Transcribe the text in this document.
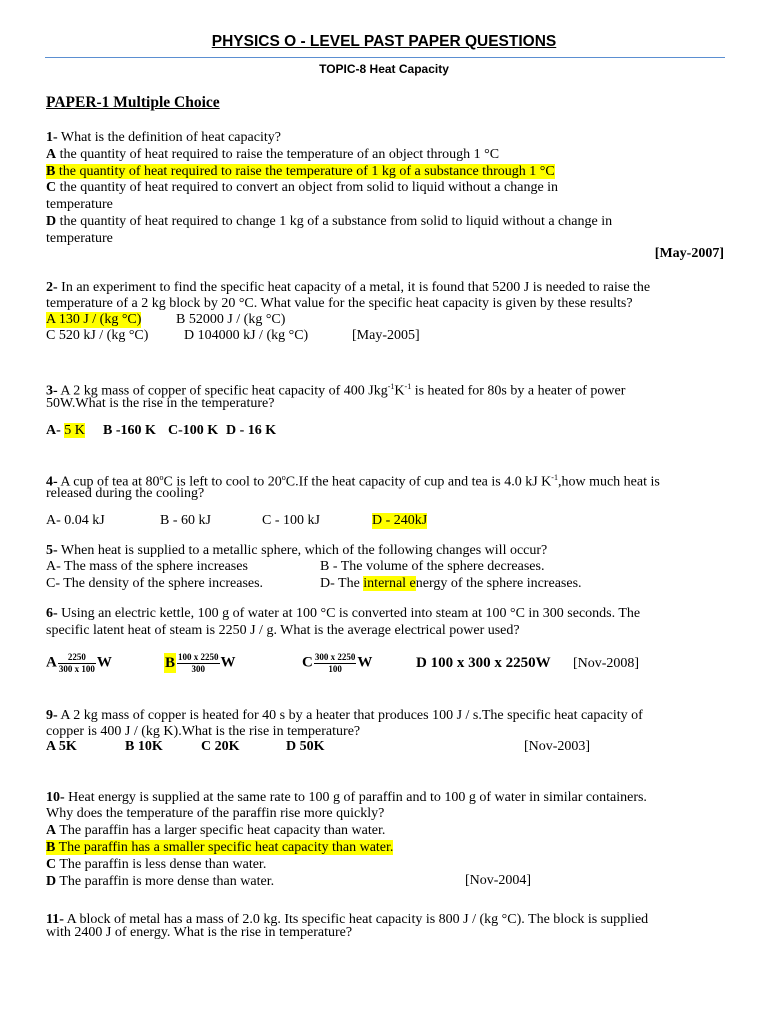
PHYSICS O - LEVEL PAST PAPER QUESTIONS
TOPIC-8 Heat Capacity
PAPER-1 Multiple Choice
1- What is the definition of heat capacity?
A the quantity of heat required to raise the temperature of an object through 1 °C
B the quantity of heat required to raise the temperature of 1 kg of a substance through 1 °C
C the quantity of heat required to convert an object from solid to liquid without a change in
temperature
D the quantity of heat required to change 1 kg of a substance from solid to liquid without a change in
temperature
[May-2007]
2- In an experiment to find the specific heat capacity of a metal, it is found that 5200 J is needed to raise the
temperature of a 2 kg block by 20 °C. What value for the specific heat capacity is given by these results?
A 130 J / (kg °C) B 52000 J / (kg °C)
C 520 kJ / (kg °C)	D 104000 kJ / (kg °C)	[May-2005]
3- A 2 kg mass of copper of specific heat capacity of 400 $Jkg^{-1}K^{-1}$ is heated for 80s by a heater of power
50W.What is the rise in the temperature?
A- 5 K B -160 K C-100 K D - 16 K
4- A cup of tea at 80$^o$C is left to cool to 20$^o$C.If the heat capacity of cup and tea is 4.0 kJ $K^{-1},how$ much heat is
released during the cooling?
A- 0.04 kJ	B - 60 kJ	C - 100 kJ	D - 240kJ
5- When heat is supplied to a metallic sphere, which of the following changes will occur?
A- The mass of the sphere increases	B - The volume of the sphere decreases.
C- The density of the sphere increases.	D- The internal energy of the sphere increases.
6- Using an electric kettle, 100 g of water at 100 °C is converted into steam at 100 °C in 300 seconds. The
specific latent heat of steam is 2250 J / g. What is the average electrical power used?
A $\frac{2250}{300 x 100}$ W	B $\frac{100 x 2250}{300}$ W	C $\frac{300 x 2250}{100}$ W	D 100 x 300 x 2250W [Nov-2008]
9- A 2 kg mass of copper is heated for 40 s by a heater that produces 100 J / s.The specific heat capacity of
copper is 400 J / (kg K).What is the rise in temperature?
A 5K	B 10K	C 20K	D 50K	[Nov-2003]
10- Heat energy is supplied at the same rate to 100 g of paraffin and to 100 g of water in similar containers.
Why does the temperature of the paraffin rise more quickly?
A The paraffin has a larger specific heat capacity than water.
B The paraffin has a smaller specific heat capacity than water.
C The paraffin is less dense than water.
D The paraffin is more dense than water.	[Nov-2004]
11- A block of metal has a mass of 2.0 kg. Its specific heat capacity is 800 J / (kg °C). The block is supplied
with 2400 J of energy. What is the rise in temperature?
